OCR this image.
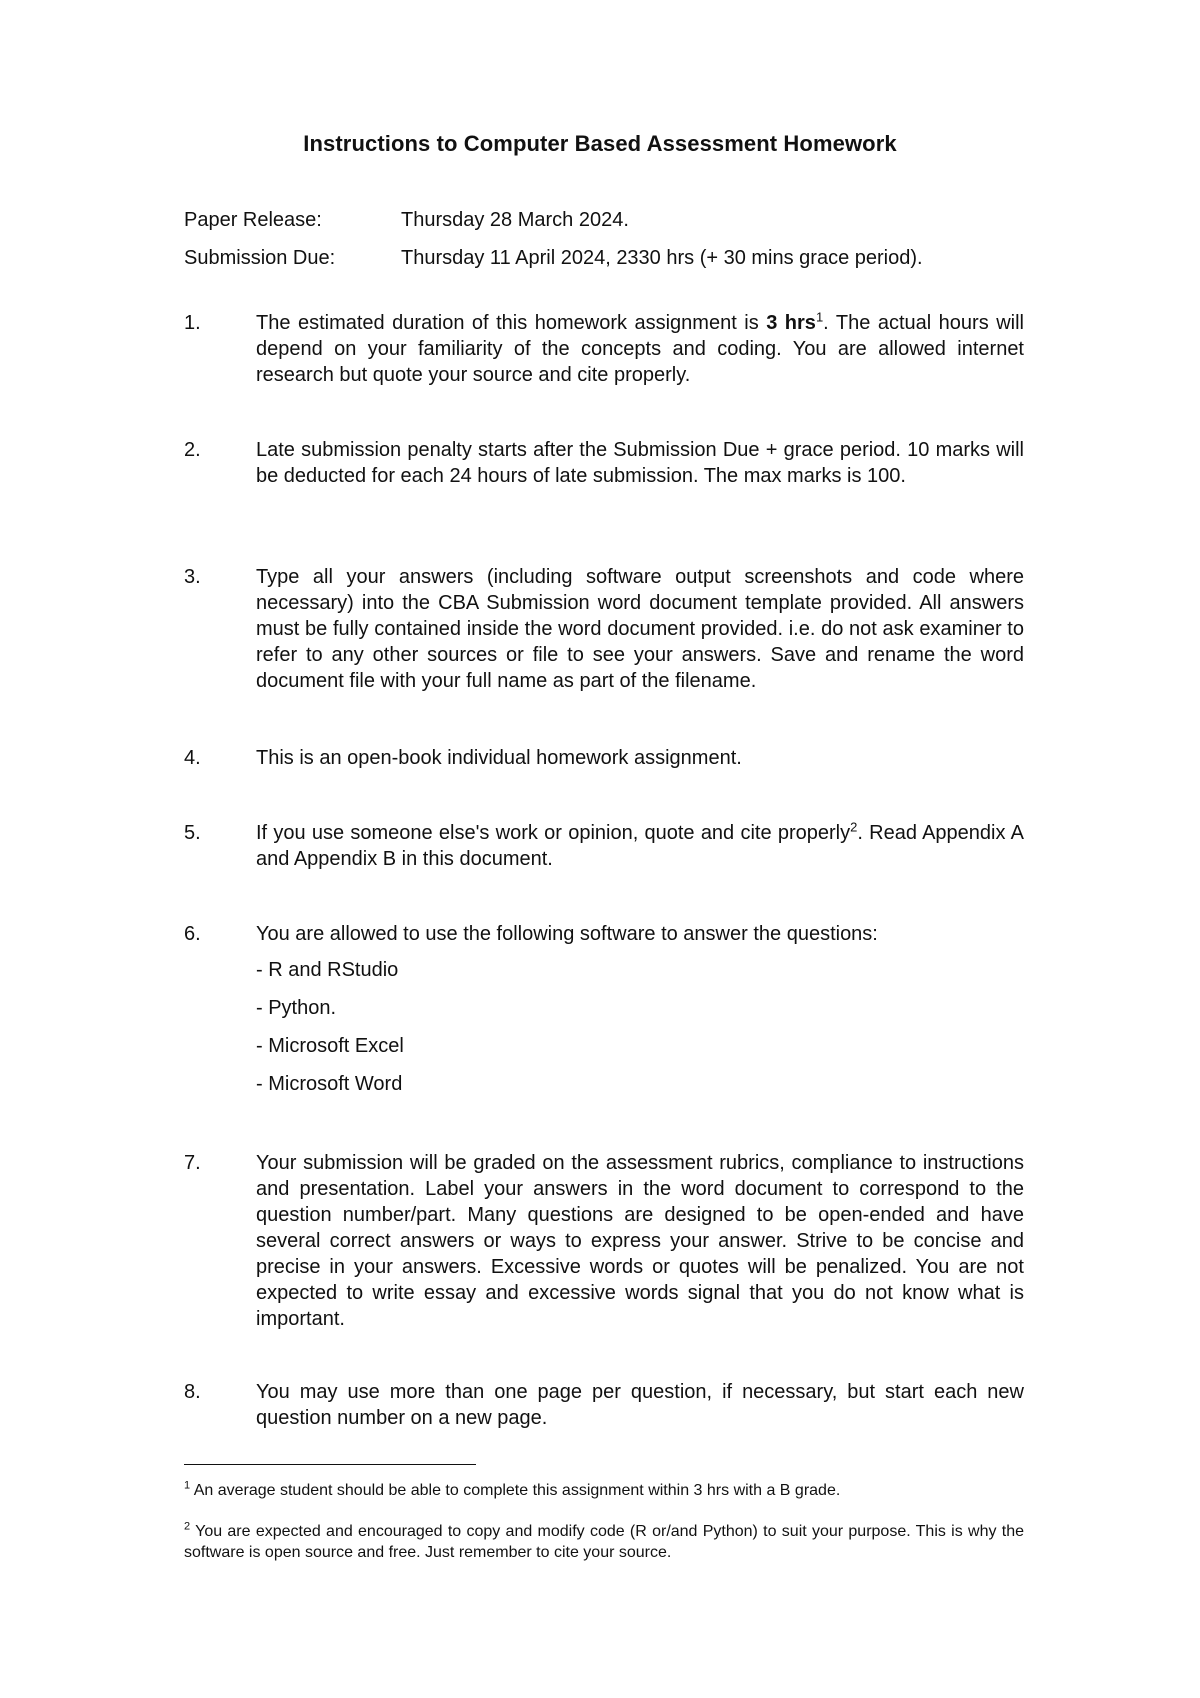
Instructions to Computer Based Assessment Homework
Paper Release:	Thursday 28 March 2024.
Submission Due:	Thursday 11 April 2024, 2330 hrs (+ 30 mins grace period).
1.	The estimated duration of this homework assignment is 3 hrs$^1$. The actual hours will depend on your familiarity of the concepts and coding. You are allowed internet research but quote your source and cite properly.
2.	Late submission penalty starts after the Submission Due + grace period. 10 marks will be deducted for each 24 hours of late submission. The max marks is 100.
3.	Type all your answers (including software output screenshots and code where necessary) into the CBA Submission word document template provided. All answers must be fully contained inside the word document provided. i.e. do not ask examiner to refer to any other sources or file to see your answers. Save and rename the word document file with your full name as part of the filename.
4.	This is an open-book individual homework assignment.
5.	If you use someone else's work or opinion, quote and cite properly$^2$. Read Appendix A and Appendix B in this document.
6.	You are allowed to use the following software to answer the questions:
- R and RStudio
- Python.
- Microsoft Excel
- Microsoft Word
7.	Your submission will be graded on the assessment rubrics, compliance to instructions and presentation. Label your answers in the word document to correspond to the question number/part. Many questions are designed to be open-ended and have several correct answers or ways to express your answer. Strive to be concise and precise in your answers. Excessive words or quotes will be penalized. You are not expected to write essay and excessive words signal that you do not know what is important.
8.	You may use more than one page per question, if necessary, but start each new question number on a new page.
$^1$ An average student should be able to complete this assignment within 3 hrs with a B grade.
$^2$ You are expected and encouraged to copy and modify code (R or/and Python) to suit your purpose. This is why the software is open source and free. Just remember to cite your source.
